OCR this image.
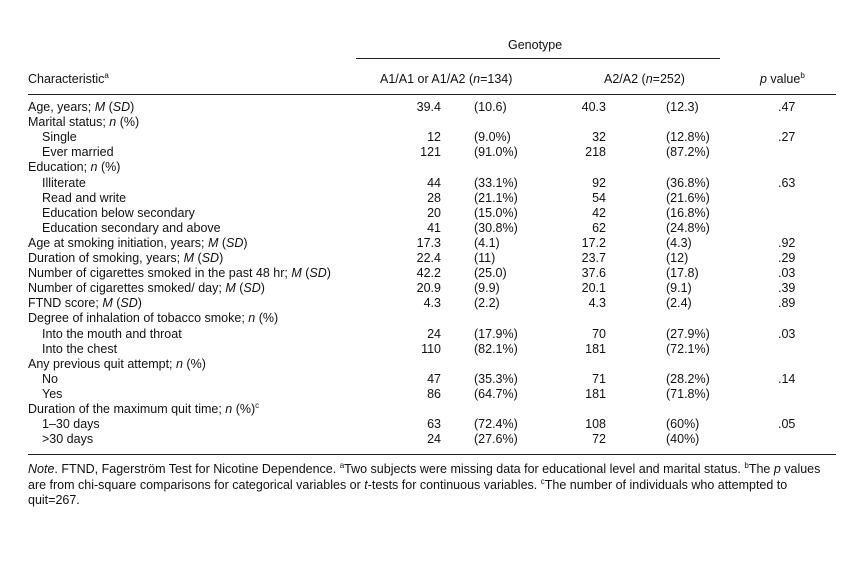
Genotype
Characteristic$^a$	A1/A1 or A1/A2 (n=134)	A2/A2 (n=252)	p value$^b$
Age, years; M (SD)	39.4	(10.6)	40.3	(12.3)	.47
Marital status; n (%)
Single	12	(9.0%)	32	(12.8%)	.27
Ever married	121	(91.0%)	218	(87.2%)
Education; n (%)
Illiterate	44	(33.1%)	92	(36.8%)	.63
Read and write	28	(21.1%)	54	(21.6%)
Education below secondary	20	(15.0%)	42	(16.8%)
Education secondary and above	41	(30.8%)	62	(24.8%)
Age at smoking initiation, years; M (SD)	17.3	(4.1)	17.2	(4.3)	.92
Duration of smoking, years; M (SD)	22.4	(11)	23.7	(12)	.29
Number of cigarettes smoked in the past 48 hr; M (SD)	42.2	(25.0)	37.6	(17.8)	.03
Number of cigarettes smoked/ day; M (SD)	20.9	(9.9)	20.1	(9.1)	.39
FTND score; M (SD)	4.3	(2.2)	4.3	(2.4)	.89
Degree of inhalation of tobacco smoke; n (%)
Into the mouth and throat	24	(17.9%)	70	(27.9%)	.03
Into the chest	110	(82.1%)	181	(72.1%)
Any previous quit attempt; n (%)
No	47	(35.3%)	71	(28.2%)	.14
Yes	86	(64.7%)	181	(71.8%)
Duration of the maximum quit time; n (%)$^c$
1–30 days	63	(72.4%)	108	(60%)	.05
>30 days	24	(27.6%)	72	(40%)
Note. FTND, Fagerström Test for Nicotine Dependence. $^a$Two subjects were missing data for educational level and marital status. $^b$The p values are from chi-square comparisons for categorical variables or t-tests for continuous variables. $^c$The number of individuals who attempted to quit=267.
